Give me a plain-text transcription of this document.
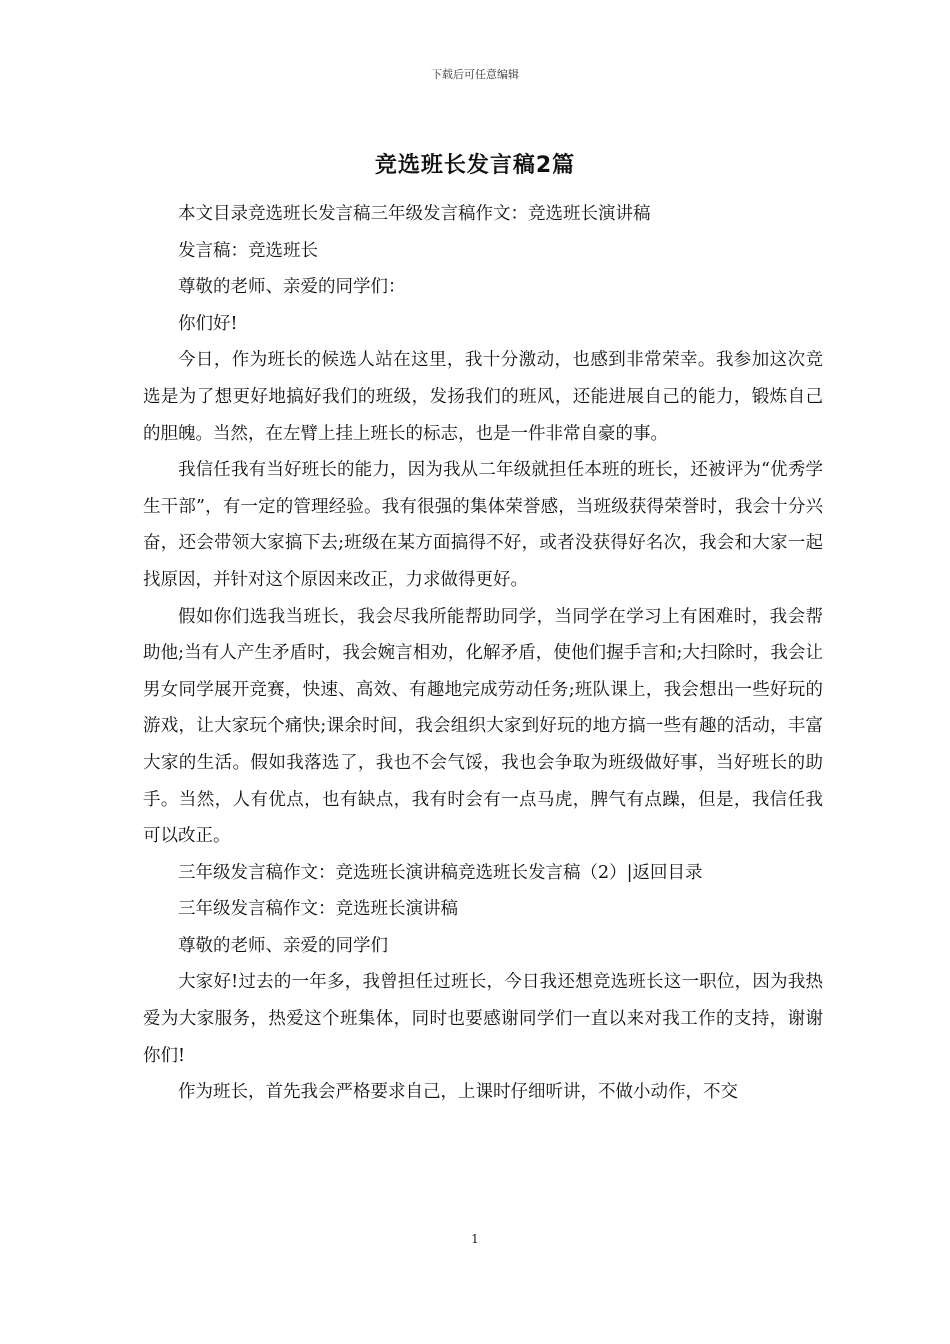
下载后可任意编辑
竞选班长发言稿2篇

本文目录竞选班长发言稿三年级发言稿作文：竞选班长演讲稿

发言稿：竞选班长

尊敬的老师、亲爱的同学们：

你们好!

今日，作为班长的候选人站在这里，我十分激动，也感到非常荣幸。我参加这次竞选是为了想更好地搞好我们的班级，发扬我们的班风，还能进展自己的能力，锻炼自己的胆魄。当然，在左臂上挂上班长的标志，也是一件非常自豪的事。

我信任我有当好班长的能力，因为我从二年级就担任本班的班长，还被评为“优秀学生干部”，有一定的管理经验。我有很强的集体荣誉感，当班级获得荣誉时，我会十分兴奋，还会带领大家搞下去;班级在某方面搞得不好，或者没获得好名次，我会和大家一起找原因，并针对这个原因来改正，力求做得更好。

假如你们选我当班长，我会尽我所能帮助同学，当同学在学习上有困难时，我会帮助他;当有人产生矛盾时，我会婉言相劝，化解矛盾，使他们握手言和;大扫除时，我会让男女同学展开竞赛，快速、高效、有趣地完成劳动任务;班队课上，我会想出一些好玩的游戏，让大家玩个痛快;课余时间，我会组织大家到好玩的地方搞一些有趣的活动，丰富大家的生活。假如我落选了，我也不会气馁，我也会争取为班级做好事，当好班长的助手。当然，人有优点，也有缺点，我有时会有一点马虎，脾气有点躁，但是，我信任我可以改正。

三年级发言稿作文：竞选班长演讲稿竞选班长发言稿（2）|返回目录

三年级发言稿作文：竞选班长演讲稿

尊敬的老师、亲爱的同学们

大家好!过去的一年多，我曾担任过班长，今日我还想竞选班长这一职位，因为我热爱为大家服务，热爱这个班集体，同时也要感谢同学们一直以来对我工作的支持，谢谢你们!

作为班长，首先我会严格要求自己，上课时仔细听讲，不做小动作，不交

1
